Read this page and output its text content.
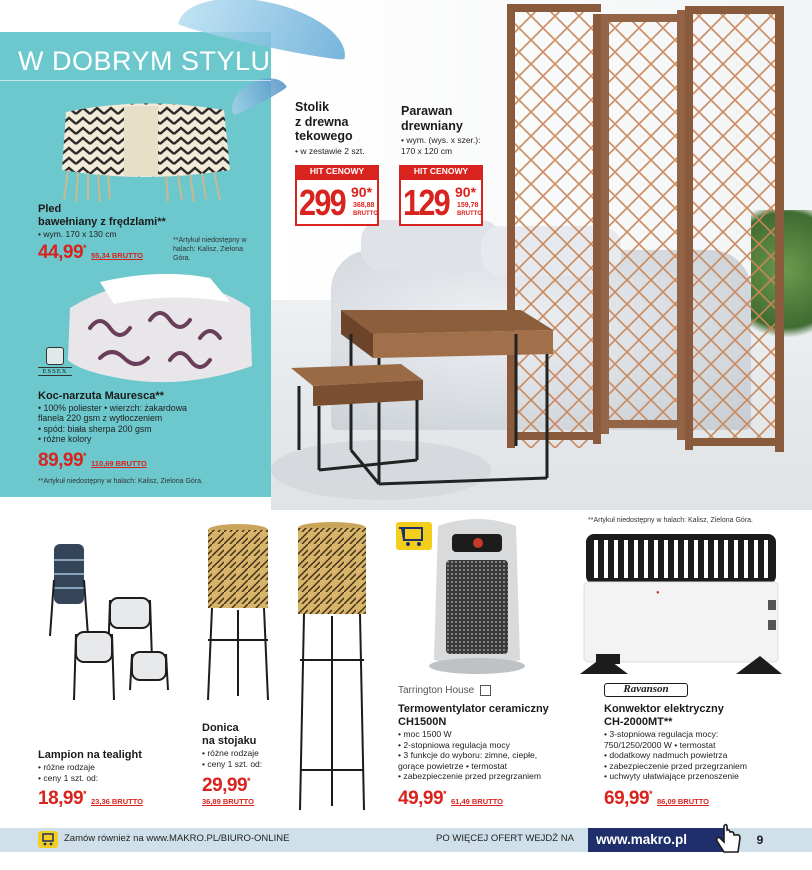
Stolik
z drewna
tekowego
• w zestawie 2 szt.
HIT CENOWY
299 90*
368,88
BRUTTO
Parawan
drewniany
• wym. (wys. x szer.):
170 x 120 cm
HIT CENOWY
129 90*
159,78
BRUTTO
W DOBRYM STYLU
Pled
bawełniany z frędzlami**
• wym. 170 x 130 cm
44,99* 55,34 BRUTTO
**Artykuł niedostępny w halach: Kalisz, Zielona Góra.
ESSEX
Koc-narzuta Mauresca**
• 100% poliester • wierzch: żakardowa
flanela 220 gsm z wytłoczeniem
• spód: biała sherpa 200 gsm
• różne kolory
89,99* 110,69 BRUTTO
**Artykuł niedostępny w halach: Kalisz, Zielona Góra.
Lampion na tealight
• różne rodzaje
• ceny 1 szt. od:
18,99* 23,36 BRUTTO
Donica
na stojaku
• różne rodzaje
• ceny 1 szt. od:
29,99*
36,89 BRUTTO
Tarrington House
Termowentylator ceramiczny
CH1500N
• moc 1500 W
• 2-stopniowa regulacja mocy
• 3 funkcje do wyboru: zimne, ciepłe,
gorące powietrze • termostat
• zabezpieczenie przed przegrzaniem
49,99* 61,49 BRUTTO
**Artykuł niedostępny w halach: Kalisz, Zielona Góra.
●
Ravanson
Konwektor elektryczny
CH-2000MT**
• 3-stopniowa regulacja mocy:
750/1250/2000 W • termostat
• dodatkowy nadmuch powietrza
• zabezpieczenie przed przegrzaniem
• uchwyty ułatwiające przenoszenie
69,99* 86,09 BRUTTO
Zamów również na www.MAKRO.PL/BIURO-ONLINE	PO WIĘCEJ OFERT WEJDŹ NA	www.makro.pl	9
